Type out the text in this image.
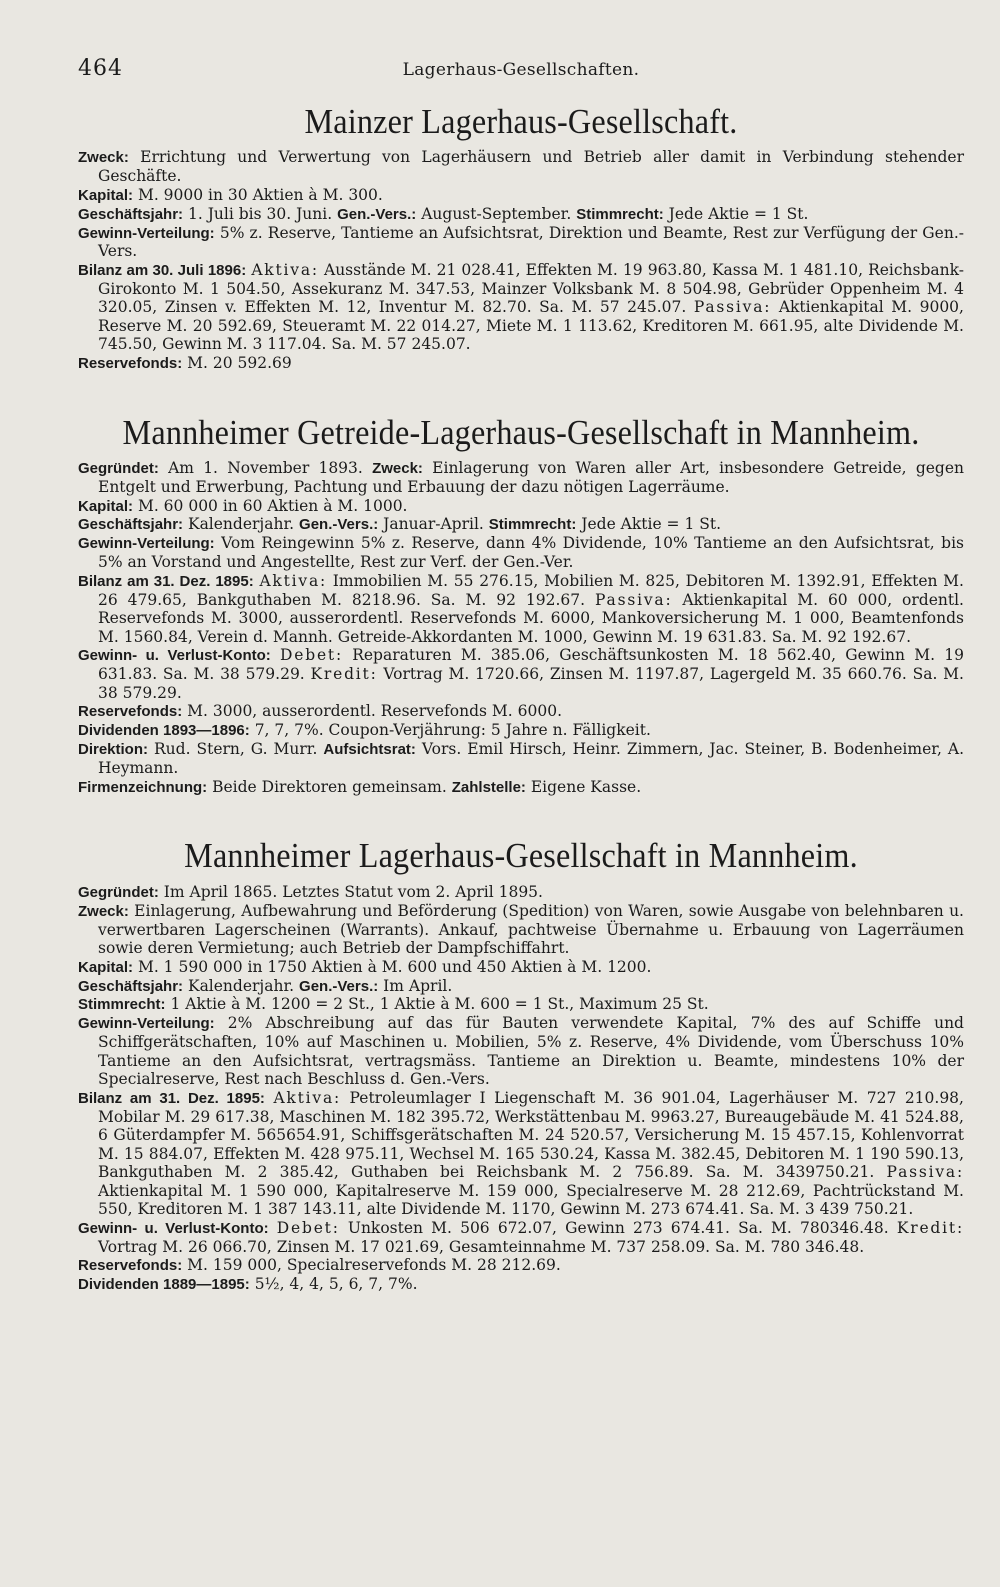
464	Lagerhaus-Gesellschaften.
Mainzer Lagerhaus-Gesellschaft.

Zweck: Errichtung und Verwertung von Lagerhäusern und Betrieb aller damit in Verbindung stehender Geschäfte.

Kapital: M. 9000 in 30 Aktien à M. 300.

Geschäftsjahr: 1. Juli bis 30. Juni. Gen.-Vers.: August-September. Stimmrecht: Jede Aktie = 1 St.

Gewinn-Verteilung: 5% z. Reserve, Tantieme an Aufsichtsrat, Direktion und Beamte, Rest zur Verfügung der Gen.-Vers.

Bilanz am 30. Juli 1896: Aktiva: Ausstände M. 21 028.41, Effekten M. 19 963.80, Kassa M. 1 481.10, Reichsbank-Girokonto M. 1 504.50, Assekuranz M. 347.53, Mainzer Volksbank M. 8 504.98, Gebrüder Oppenheim M. 4 320.05, Zinsen v. Effekten M. 12, Inventur M. 82.70. Sa. M. 57 245.07. Passiva: Aktienkapital M. 9000, Reserve M. 20 592.69, Steueramt M. 22 014.27, Miete M. 1 113.62, Kreditoren M. 661.95, alte Dividende M. 745.50, Gewinn M. 3 117.04. Sa. M. 57 245.07.

Reservefonds: M. 20 592.69

Mannheimer Getreide-Lagerhaus-Gesellschaft in Mannheim.

Gegründet: Am 1. November 1893. Zweck: Einlagerung von Waren aller Art, insbesondere Getreide, gegen Entgelt und Erwerbung, Pachtung und Erbauung der dazu nötigen Lagerräume.

Kapital: M. 60 000 in 60 Aktien à M. 1000.

Geschäftsjahr: Kalenderjahr. Gen.-Vers.: Januar-April. Stimmrecht: Jede Aktie = 1 St.

Gewinn-Verteilung: Vom Reingewinn 5% z. Reserve, dann 4% Dividende, 10% Tantieme an den Aufsichtsrat, bis 5% an Vorstand und Angestellte, Rest zur Verf. der Gen.-Ver.

Bilanz am 31. Dez. 1895: Aktiva: Immobilien M. 55 276.15, Mobilien M. 825, Debitoren M. 1392.91, Effekten M. 26 479.65, Bankguthaben M. 8218.96. Sa. M. 92 192.67. Passiva: Aktienkapital M. 60 000, ordentl. Reservefonds M. 3000, ausserordentl. Reservefonds M. 6000, Mankoversicherung M. 1 000, Beamtenfonds M. 1560.84, Verein d. Mannh. Getreide-Akkordanten M. 1000, Gewinn M. 19 631.83. Sa. M. 92 192.67.

Gewinn- u. Verlust-Konto: Debet: Reparaturen M. 385.06, Geschäftsunkosten M. 18 562.40, Gewinn M. 19 631.83. Sa. M. 38 579.29. Kredit: Vortrag M. 1720.66, Zinsen M. 1197.87, Lagergeld M. 35 660.76. Sa. M. 38 579.29.

Reservefonds: M. 3000, ausserordentl. Reservefonds M. 6000.

Dividenden 1893—1896: 7, 7, 7%. Coupon-Verjährung: 5 Jahre n. Fälligkeit.

Direktion: Rud. Stern, G. Murr. Aufsichtsrat: Vors. Emil Hirsch, Heinr. Zimmern, Jac. Steiner, B. Bodenheimer, A. Heymann.

Firmenzeichnung: Beide Direktoren gemeinsam. Zahlstelle: Eigene Kasse.

Mannheimer Lagerhaus-Gesellschaft in Mannheim.

Gegründet: Im April 1865. Letztes Statut vom 2. April 1895.

Zweck: Einlagerung, Aufbewahrung und Beförderung (Spedition) von Waren, sowie Ausgabe von belehnbaren u. verwertbaren Lagerscheinen (Warrants). Ankauf, pachtweise Übernahme u. Erbauung von Lagerräumen sowie deren Vermietung; auch Betrieb der Dampfschiffahrt.

Kapital: M. 1 590 000 in 1750 Aktien à M. 600 und 450 Aktien à M. 1200.

Geschäftsjahr: Kalenderjahr. Gen.-Vers.: Im April.

Stimmrecht: 1 Aktie à M. 1200 = 2 St., 1 Aktie à M. 600 = 1 St., Maximum 25 St.

Gewinn-Verteilung: 2% Abschreibung auf das für Bauten verwendete Kapital, 7% des auf Schiffe und Schiffgerätschaften, 10% auf Maschinen u. Mobilien, 5% z. Reserve, 4% Dividende, vom Überschuss 10% Tantieme an den Aufsichtsrat, vertragsmäss. Tantieme an Direktion u. Beamte, mindestens 10% der Specialreserve, Rest nach Beschluss d. Gen.-Vers.

Bilanz am 31. Dez. 1895: Aktiva: Petroleumlager I Liegenschaft M. 36 901.04, Lagerhäuser M. 727 210.98, Mobilar M. 29 617.38, Maschinen M. 182 395.72, Werkstättenbau M. 9963.27, Bureaugebäude M. 41 524.88, 6 Güterdampfer M. 565654.91, Schiffsgerätschaften M. 24 520.57, Versicherung M. 15 457.15, Kohlenvorrat M. 15 884.07, Effekten M. 428 975.11, Wechsel M. 165 530.24, Kassa M. 382.45, Debitoren M. 1 190 590.13, Bankguthaben M. 2 385.42, Guthaben bei Reichsbank M. 2 756.89. Sa. M. 3439750.21. Passiva: Aktienkapital M. 1 590 000, Kapitalreserve M. 159 000, Specialreserve M. 28 212.69, Pachtrückstand M. 550, Kreditoren M. 1 387 143.11, alte Dividende M. 1170, Gewinn M. 273 674.41. Sa. M. 3 439 750.21.

Gewinn- u. Verlust-Konto: Debet: Unkosten M. 506 672.07, Gewinn 273 674.41. Sa. M. 780346.48. Kredit: Vortrag M. 26 066.70, Zinsen M. 17 021.69, Gesamteinnahme M. 737 258.09. Sa. M. 780 346.48.

Reservefonds: M. 159 000, Specialreservefonds M. 28 212.69.

Dividenden 1889—1895: 5½, 4, 4, 5, 6, 7, 7%.
